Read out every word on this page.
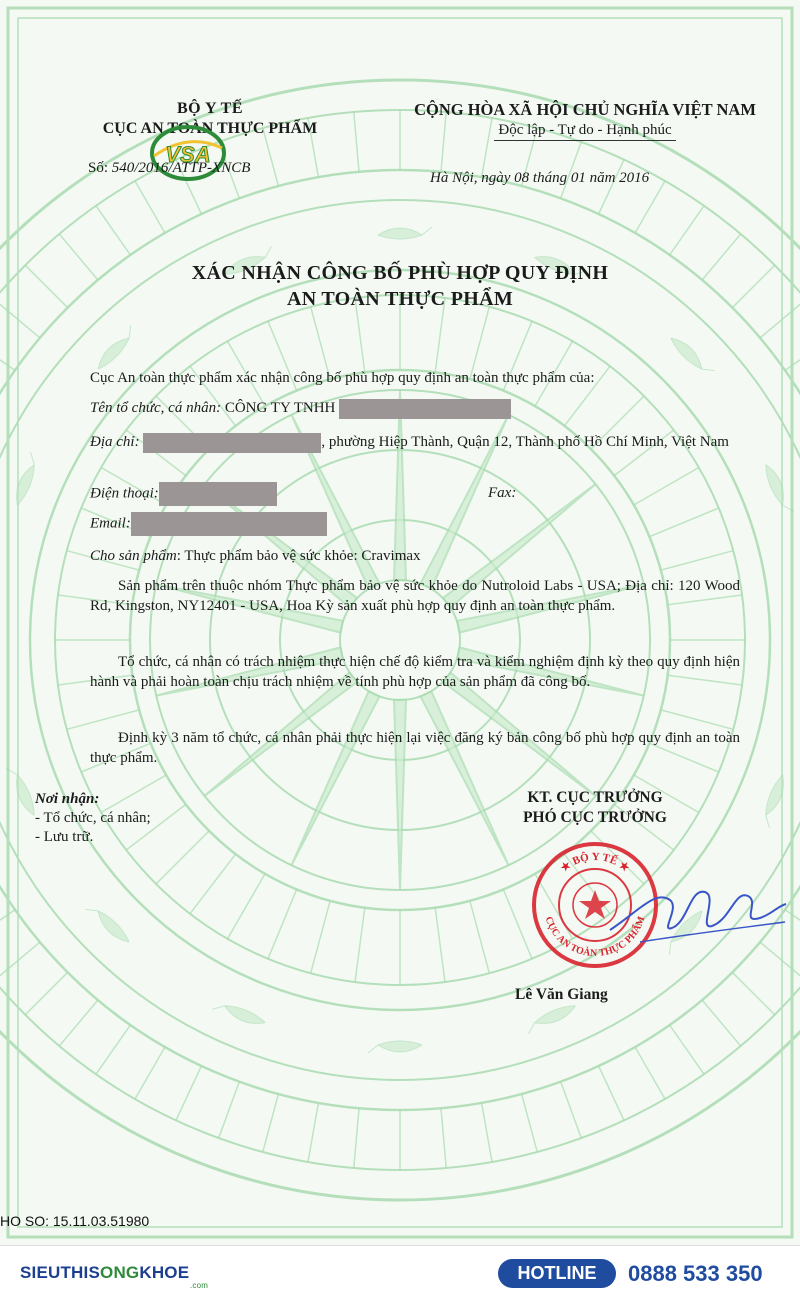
BỘ Y TẾ
CỤC AN TOÀN THỰC PHẨM
VSA
Số: 540/2016/ATTP-XNCB
CỘNG HÒA XÃ HỘI CHỦ NGHĨA VIỆT NAM
Độc lập - Tự do - Hạnh phúc
Hà Nội, ngày 08 tháng 01 năm 2016
XÁC NHẬN CÔNG BỐ PHÙ HỢP QUY ĐỊNH
AN TOÀN THỰC PHẨM
Cục An toàn thực phẩm xác nhận công bố phù hợp quy định an toàn thực phẩm của:
Tên tổ chức, cá nhân: CÔNG TY TNHH
Địa chỉ:	, phường Hiệp Thành, Quận 12, Thành phố Hồ Chí Minh, Việt Nam
Điện thoại:	Fax:
Email:
Cho sản phẩm: Thực phẩm bảo vệ sức khỏe: Cravimax
Sản phẩm trên thuộc nhóm Thực phẩm bảo vệ sức khỏe do Nutroloid Labs - USA; Địa chỉ: 120 Wood Rd, Kingston, NY12401 - USA, Hoa Kỳ sản xuất phù hợp quy định an toàn thực phẩm.
Tổ chức, cá nhân có trách nhiệm thực hiện chế độ kiểm tra và kiểm nghiệm định kỳ theo quy định hiện hành và phải hoàn toàn chịu trách nhiệm về tính phù hợp của sản phẩm đã công bố.
Định kỳ 3 năm tổ chức, cá nhân phải thực hiện lại việc đăng ký bản công bố phù hợp quy định an toàn thực phẩm.
Nơi nhận:
- Tổ chức, cá nhân;
- Lưu trữ.
KT. CỤC TRƯỞNG
PHÓ CỤC TRƯỞNG
★ BỘ Y TẾ ★
CỤC AN TOÀN THỰC PHẨM
Lê Văn Giang
HO SO: 15.11.03.51980
SIEUTHISONGKHOE
.com
HOTLINE	0888 533 350
